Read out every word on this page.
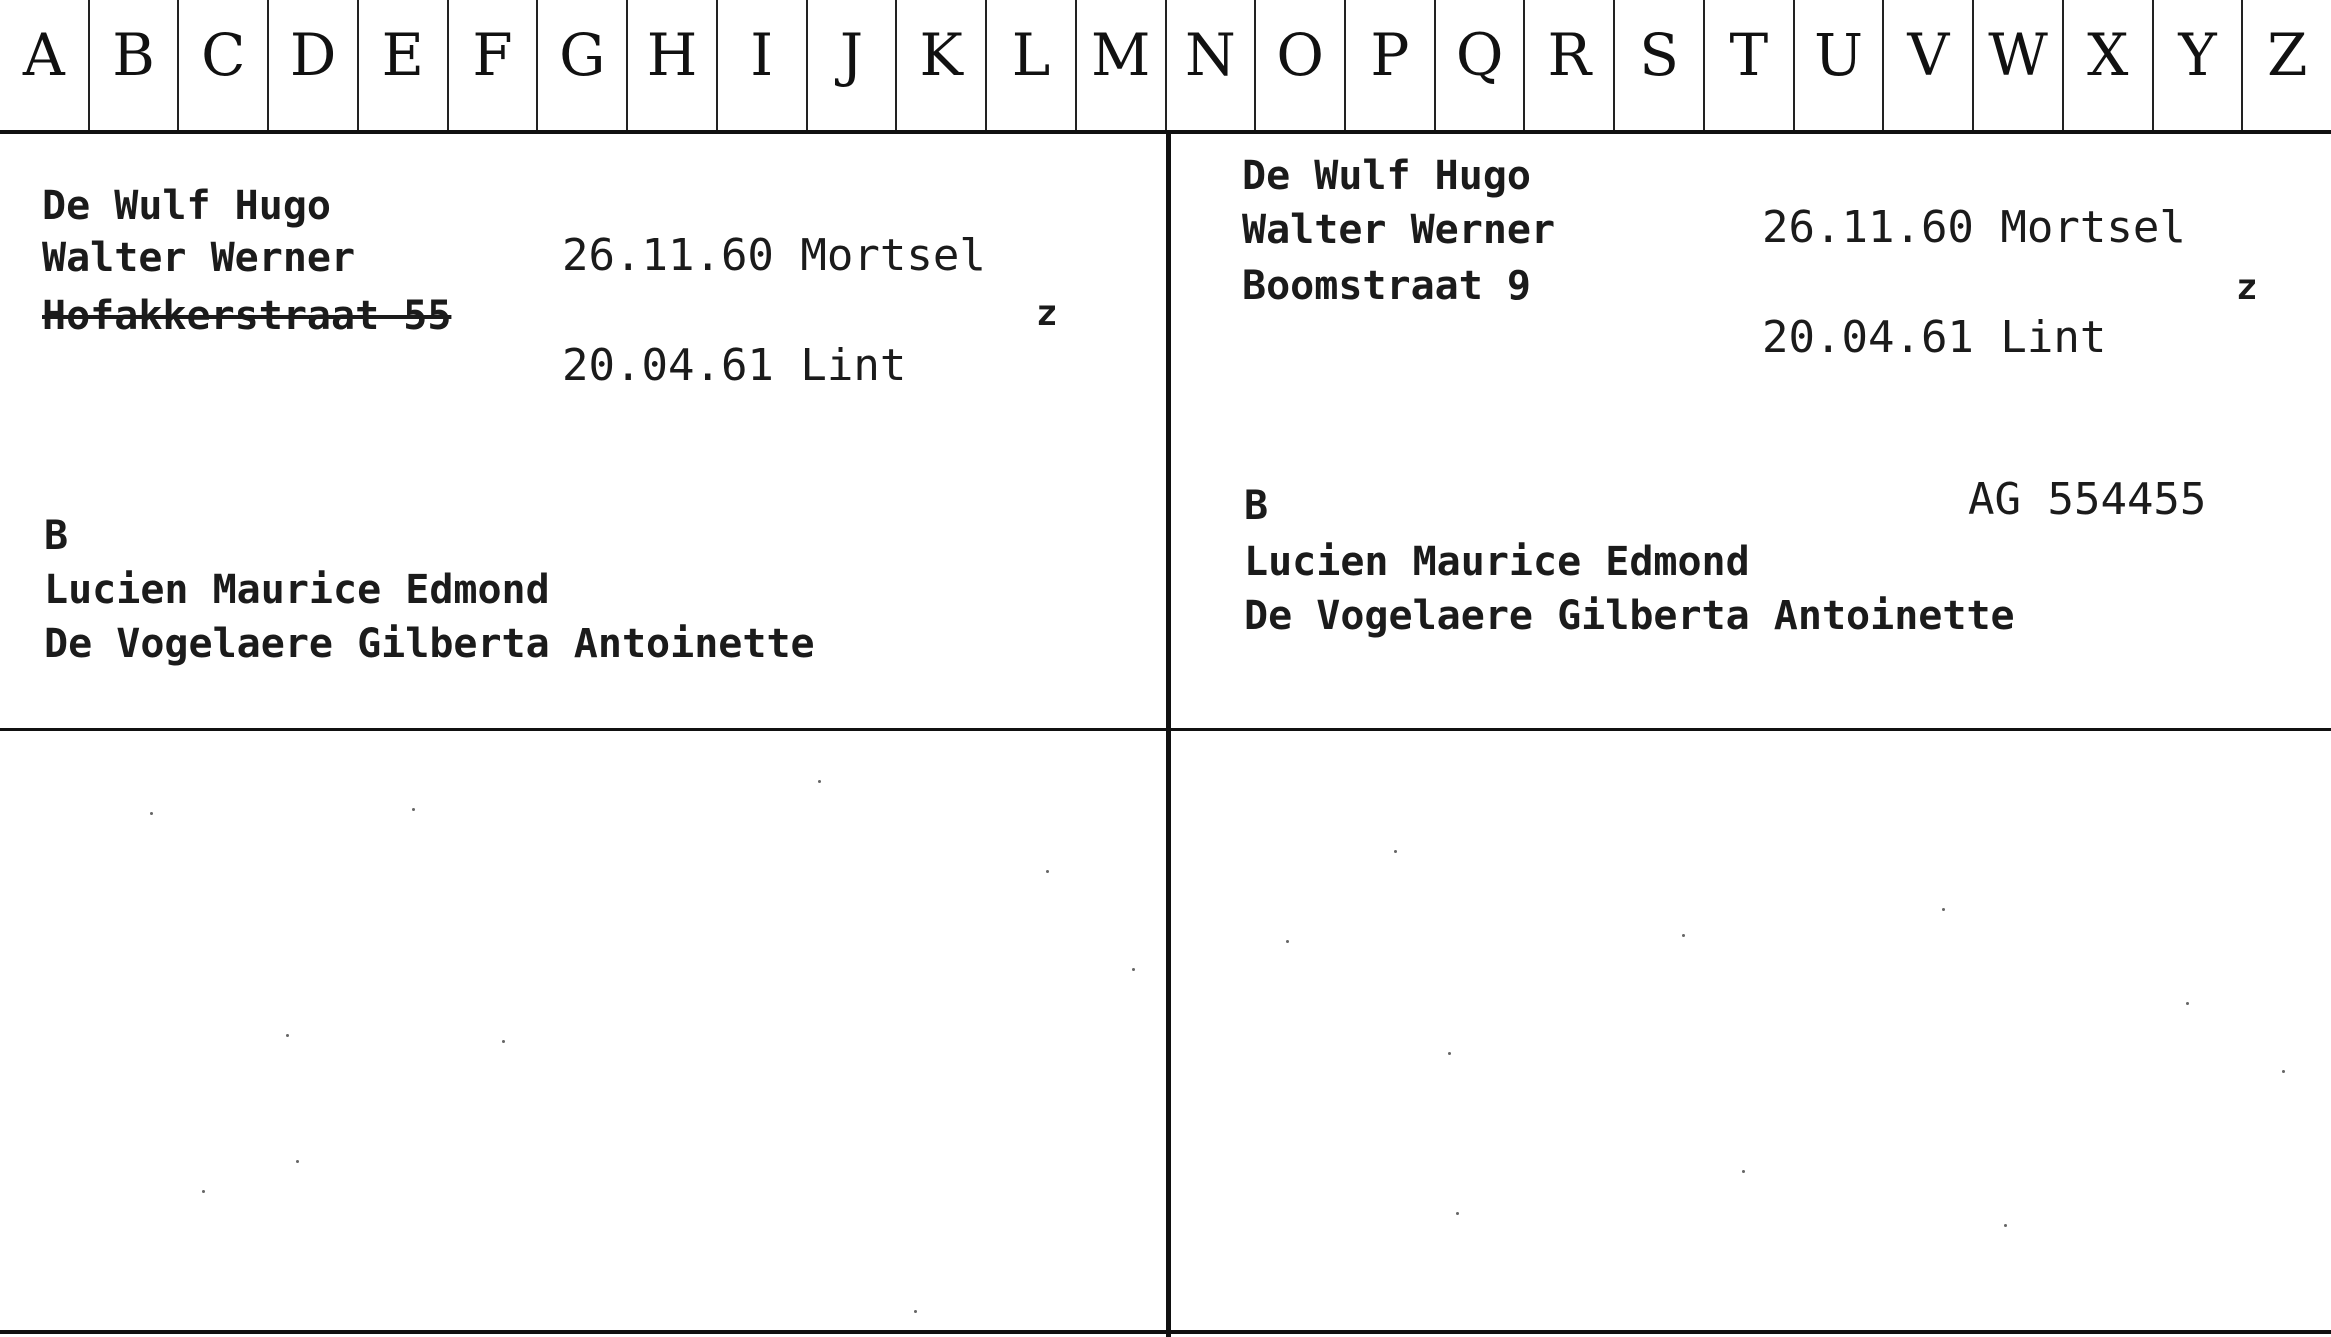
A B C D E F G H I	J K L M N O P Q R S T U V W X Y Z
De Wulf Hugo
Walter Werner	26.11.60 Mortsel
Hofakkerstraat 55	z
20.04.61 Lint
B
Lucien Maurice Edmond
De Vogelaere Gilberta Antoinette
De Wulf Hugo
Walter Werner	26.11.60 Mortsel
Boomstraat 9	z
20.04.61 Lint
B	AG 554455
Lucien Maurice Edmond
De Vogelaere Gilberta Antoinette
